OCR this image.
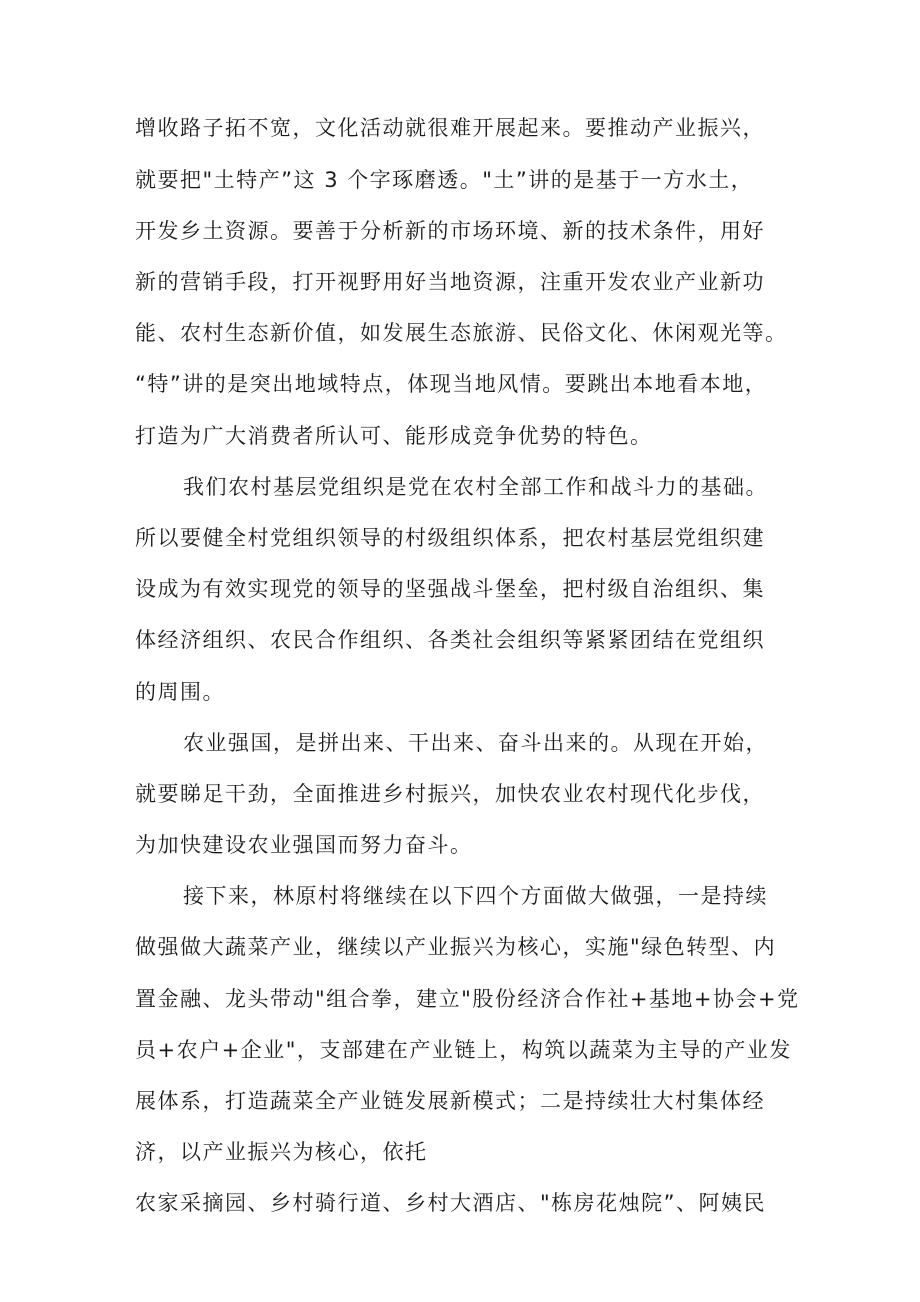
增收路子拓不宽，文化活动就很难开展起来。要推动产业振兴，
就要把"土特产”这 3 个字琢磨透。"土”讲的是基于一方水土，
开发乡土资源。要善于分析新的市场环境、新的技术条件，用好
新的营销手段，打开视野用好当地资源，注重开发农业产业新功
能、农村生态新价值，如发展生态旅游、民俗文化、休闲观光等。
“特”讲的是突出地域特点，体现当地风情。要跳出本地看本地，
打造为广大消费者所认可、能形成竞争优势的特色。
我们农村基层党组织是党在农村全部工作和战斗力的基础。
所以要健全村党组织领导的村级组织体系，把农村基层党组织建
设成为有效实现党的领导的坚强战斗堡垒，把村级自治组织、集
体经济组织、农民合作组织、各类社会组织等紧紧团结在党组织
的周围。
农业强国，是拼出来、干出来、奋斗出来的。从现在开始，
就要睇足干劲，全面推进乡村振兴，加快农业农村现代化步伐，
为加快建设农业强国而努力奋斗。
接下来，林原村将继续在以下四个方面做大做强，一是持续
做强做大蔬菜产业，继续以产业振兴为核心，实施"绿色转型、内
置金融、龙头带动"组合拳，建立"股份经济合作社+基地+协会+党
员+农户+企业"，支部建在产业链上，构筑以蔬菜为主导的产业发
展体系，打造蔬菜全产业链发展新模式；二是持续壮大村集体经
济，以产业振兴为核心，依托
农家采摘园、乡村骑行道、乡村大酒店、"栋房花烛院”、阿姨民
